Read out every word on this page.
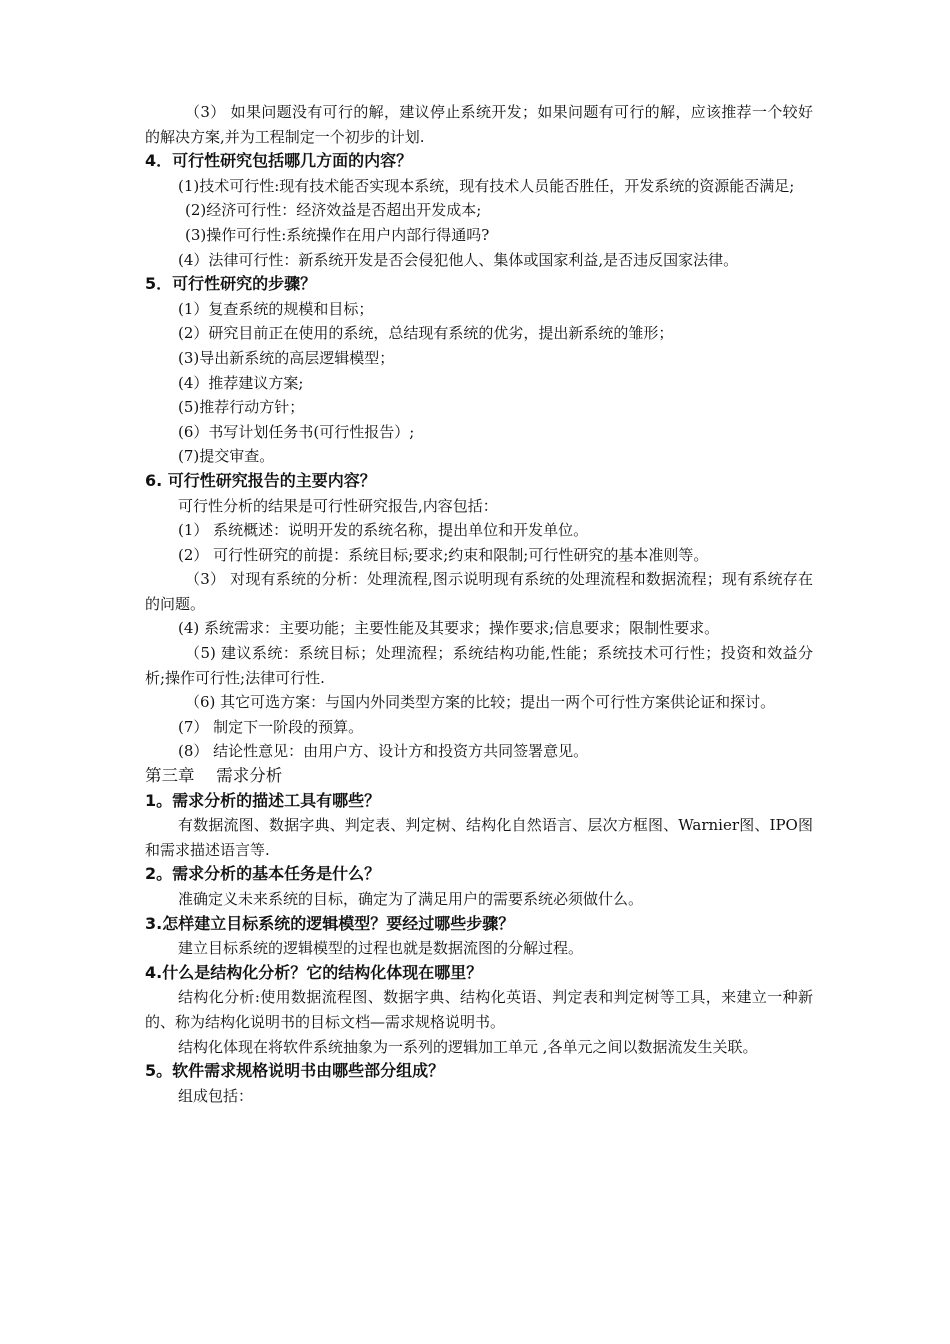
（3） 如果问题没有可行的解，建议停止系统开发；如果问题有可行的解，应该推荐一个较好的解决方案,并为工程制定一个初步的计划.

4．可行性研究包括哪几方面的内容？

(1)技术可行性:现有技术能否实现本系统，现有技术人员能否胜任，开发系统的资源能否满足;

(2)经济可行性：经济效益是否超出开发成本;

(3)操作可行性:系统操作在用户内部行得通吗?

(4）法律可行性：新系统开发是否会侵犯他人、集体或国家利益,是否违反国家法律。

5．可行性研究的步骤？

(1）复查系统的规模和目标；

(2）研究目前正在使用的系统，总结现有系统的优劣，提出新系统的雏形；

(3)导出新系统的高层逻辑模型；

(4）推荐建议方案;

(5)推荐行动方针；

(6）书写计划任务书(可行性报告）;

(7)提交审查。

6. 可行性研究报告的主要内容？

可行性分析的结果是可行性研究报告,内容包括：

(1） 系统概述：说明开发的系统名称，提出单位和开发单位。

(2） 可行性研究的前提：系统目标;要求;约束和限制;可行性研究的基本准则等。

（3） 对现有系统的分析：处理流程,图示说明现有系统的处理流程和数据流程；现有系统存在的问题。

(4) 系统需求：主要功能；主要性能及其要求；操作要求;信息要求；限制性要求。

（5) 建议系统：系统目标；处理流程；系统结构功能,性能；系统技术可行性；投资和效益分析;操作可行性;法律可行性.

（6) 其它可选方案：与国内外同类型方案的比较；提出一两个可行性方案供论证和探讨。

(7） 制定下一阶段的预算。

(8） 结论性意见：由用户方、设计方和投资方共同签署意见。

第三章　 需求分析

1。需求分析的描述工具有哪些？

有数据流图、数据字典、判定表、判定树、结构化自然语言、层次方框图、Warnier图、IPO图和需求描述语言等.

2。需求分析的基本任务是什么？

准确定义未来系统的目标，确定为了满足用户的需要系统必须做什么。

3.怎样建立目标系统的逻辑模型？要经过哪些步骤？

建立目标系统的逻辑模型的过程也就是数据流图的分解过程。

4.什么是结构化分析？它的结构化体现在哪里？

结构化分析:使用数据流程图、数据字典、结构化英语、判定表和判定树等工具，来建立一种新的、称为结构化说明书的目标文档—需求规格说明书。

结构化体现在将软件系统抽象为一系列的逻辑加工单元 ,各单元之间以数据流发生关联。

5。软件需求规格说明书由哪些部分组成？

组成包括：
